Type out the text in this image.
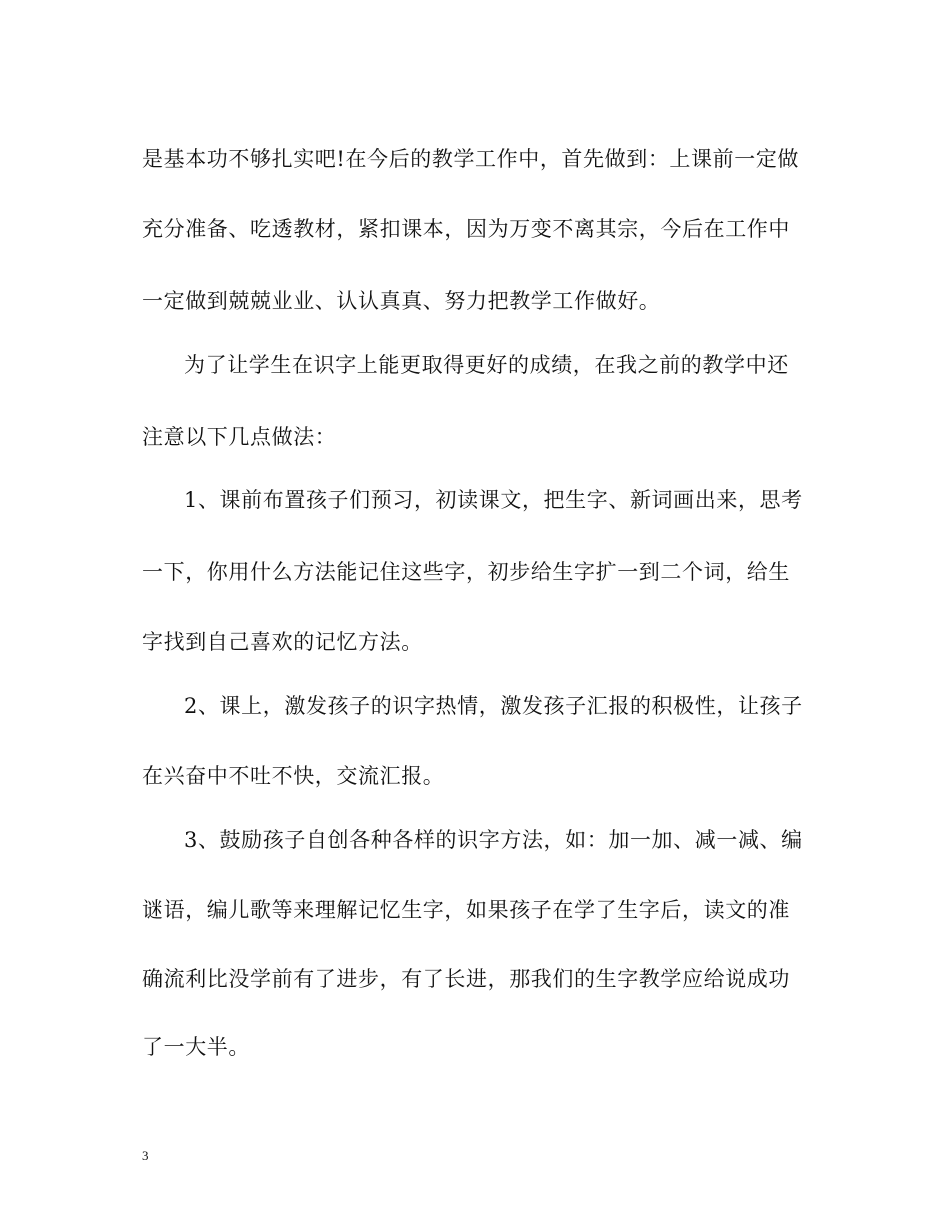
是基本功不够扎实吧!在今后的教学工作中，首先做到：上课前一定做
充分准备、吃透教材，紧扣课本，因为万变不离其宗，今后在工作中
一定做到兢兢业业、认认真真、努力把教学工作做好。
为了让学生在识字上能更取得更好的成绩，在我之前的教学中还
注意以下几点做法：
1、课前布置孩子们预习，初读课文，把生字、新词画出来，思考
一下，你用什么方法能记住这些字，初步给生字扩一到二个词，给生
字找到自己喜欢的记忆方法。
2、课上，激发孩子的识字热情，激发孩子汇报的积极性，让孩子
在兴奋中不吐不快，交流汇报。
3、鼓励孩子自创各种各样的识字方法，如：加一加、减一减、编
谜语，编儿歌等来理解记忆生字，如果孩子在学了生字后，读文的准
确流利比没学前有了进步，有了长进，那我们的生字教学应给说成功
了一大半。
3
